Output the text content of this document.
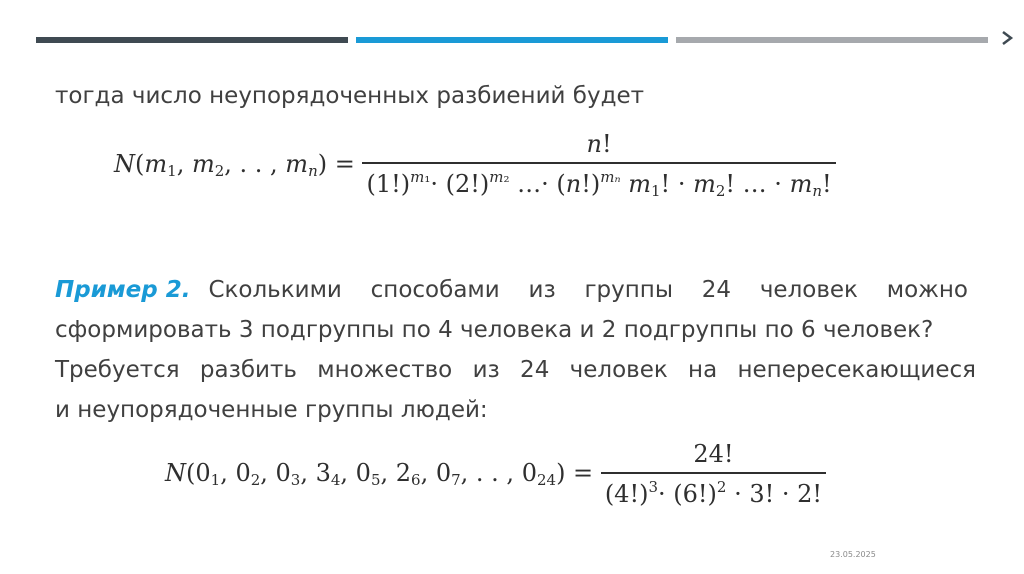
тогда число неупорядоченных разбиений будет
$N(m_1$, $m_2$, . . , $m_n) = \frac{n!}{(1!)^{m_1}\cdot (2!)^{m_2} \dots\cdot (n!)^{m_n} m_1! \cdot m_2! \dots \cdot m_n!}$
Пример 2. Сколькими способами из группы 24 человек можно
сформировать 3 подгруппы по 4 человека и 2 подгруппы по 6 человек?
Требуется разбить множество из 24 человек на непересекающиеся
и неупорядоченные группы людей:
$N(0_1$, $0_2$, $0_3$, $3_4$, $0_5$, $2_6$, $0_7$, . . , $0_{24}) = \frac{24!}{(4!)^3\cdot (6!)^2 \cdot 3! \cdot 2!}$
23.05.2025
